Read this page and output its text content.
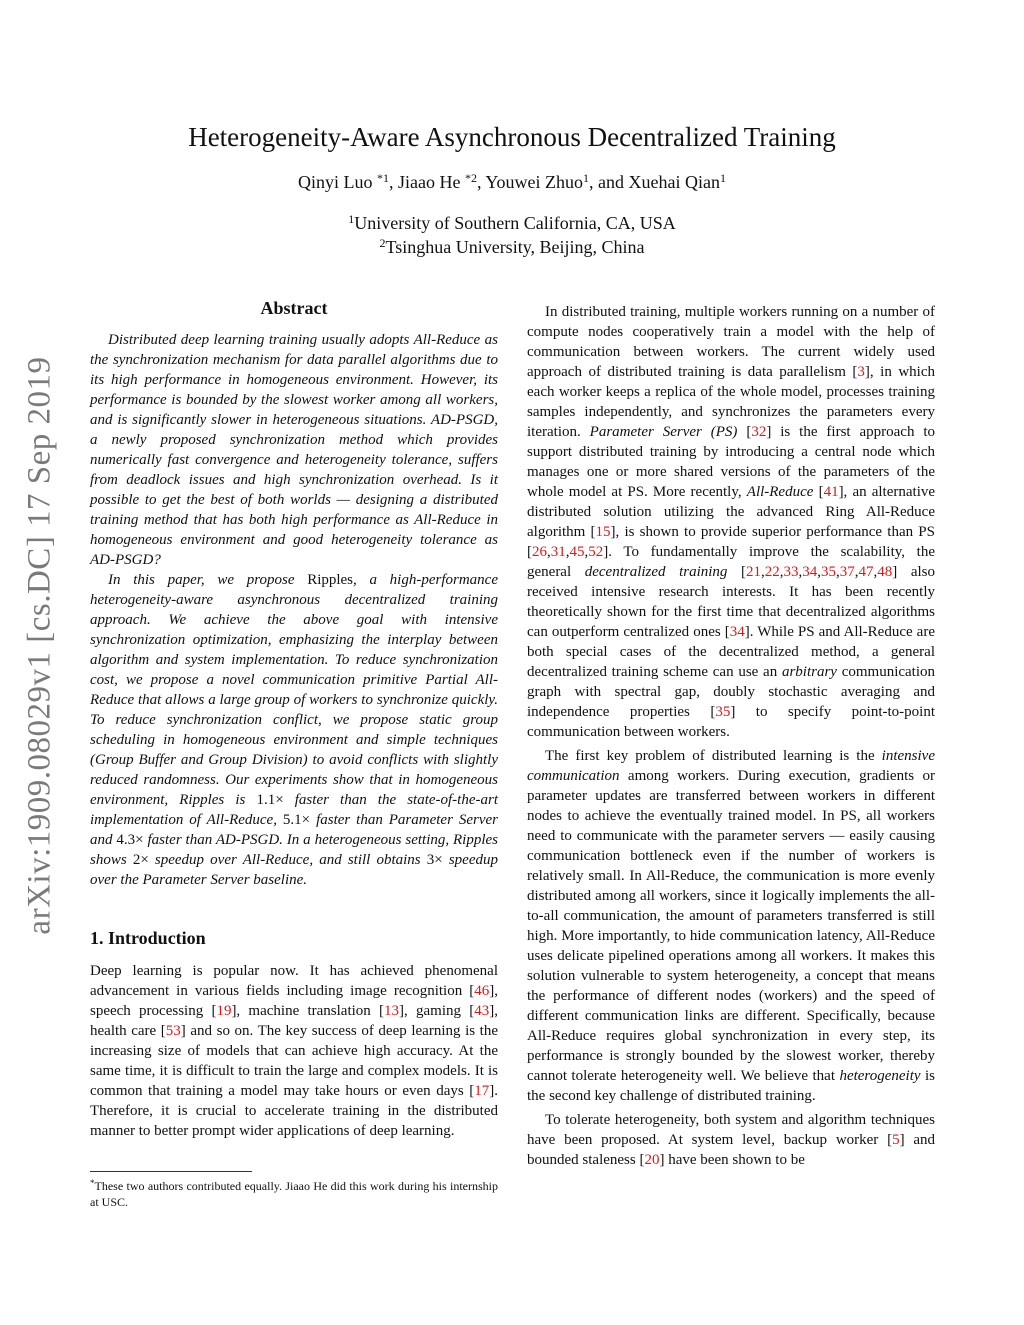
arXiv:1909.08029v1 [cs.DC] 17 Sep 2019
Heterogeneity-Aware Asynchronous Decentralized Training
Qinyi Luo $^{*1}$, Jiaao He $^{*2}$, Youwei Zhuo$^1$, and Xuehai Qian$^1$
$^1$University of Southern California, CA, USA
$^2$Tsinghua University, Beijing, China
Abstract

Distributed deep learning training usually adopts All-Reduce as the synchronization mechanism for data parallel algorithms due to its high performance in homogeneous environment. However, its performance is bounded by the slowest worker among all workers, and is significantly slower in heterogeneous situations. AD-PSGD, a newly proposed synchronization method which provides numerically fast convergence and heterogeneity tolerance, suffers from deadlock issues and high synchronization overhead. Is it possible to get the best of both worlds — designing a distributed training method that has both high performance as All-Reduce in homogeneous environment and good heterogeneity tolerance as AD-PSGD?

In this paper, we propose Ripples, a high-performance heterogeneity-aware asynchronous decentralized training approach. We achieve the above goal with intensive synchronization optimization, emphasizing the interplay between algorithm and system implementation. To reduce synchronization cost, we propose a novel communication primitive Partial All-Reduce that allows a large group of workers to synchronize quickly. To reduce synchronization conflict, we propose static group scheduling in homogeneous environment and simple techniques (Group Buffer and Group Division) to avoid conflicts with slightly reduced randomness. Our experiments show that in homogeneous environment, Ripples is 1.1× faster than the state-of-the-art implementation of All-Reduce, 5.1× faster than Parameter Server and 4.3× faster than AD-PSGD. In a heterogeneous setting, Ripples shows 2× speedup over All-Reduce, and still obtains 3× speedup over the Parameter Server baseline.

1. Introduction

Deep learning is popular now. It has achieved phenomenal advancement in various fields including image recognition [46], speech processing [19], machine translation [13], gaming [43], health care [53] and so on. The key success of deep learning is the increasing size of models that can achieve high accuracy. At the same time, it is difficult to train the large and complex models. It is common that training a model may take hours or even days [17]. Therefore, it is crucial to accelerate training in the distributed manner to better prompt wider applications of deep learning.

*These two authors contributed equally. Jiaao He did this work during his internship at USC.

In distributed training, multiple workers running on a number of compute nodes cooperatively train a model with the help of communication between workers. The current widely used approach of distributed training is data parallelism [3], in which each worker keeps a replica of the whole model, processes training samples independently, and synchronizes the parameters every iteration. Parameter Server (PS) [32] is the first approach to support distributed training by introducing a central node which manages one or more shared versions of the parameters of the whole model at PS. More recently, All-Reduce [41], an alternative distributed solution utilizing the advanced Ring All-Reduce algorithm [15], is shown to provide superior performance than PS [26,31,45,52]. To fundamentally improve the scalability, the general decentralized training [21,22,33,34,35,37,47,48] also received intensive research interests. It has been recently theoretically shown for the first time that decentralized algorithms can outperform centralized ones [34]. While PS and All-Reduce are both special cases of the decentralized method, a general decentralized training scheme can use an arbitrary communication graph with spectral gap, doubly stochastic averaging and independence properties [35] to specify point-to-point communication between workers.

The first key problem of distributed learning is the intensive communication among workers. During execution, gradients or parameter updates are transferred between workers in different nodes to achieve the eventually trained model. In PS, all workers need to communicate with the parameter servers — easily causing communication bottleneck even if the number of workers is relatively small. In All-Reduce, the communication is more evenly distributed among all workers, since it logically implements the all-to-all communication, the amount of parameters transferred is still high. More importantly, to hide communication latency, All-Reduce uses delicate pipelined operations among all workers. It makes this solution vulnerable to system heterogeneity, a concept that means the performance of different nodes (workers) and the speed of different communication links are different. Specifically, because All-Reduce requires global synchronization in every step, its performance is strongly bounded by the slowest worker, thereby cannot tolerate heterogeneity well. We believe that heterogeneity is the second key challenge of distributed training.

To tolerate heterogeneity, both system and algorithm techniques have been proposed. At system level, backup worker [5] and bounded staleness [20] have been shown to be
